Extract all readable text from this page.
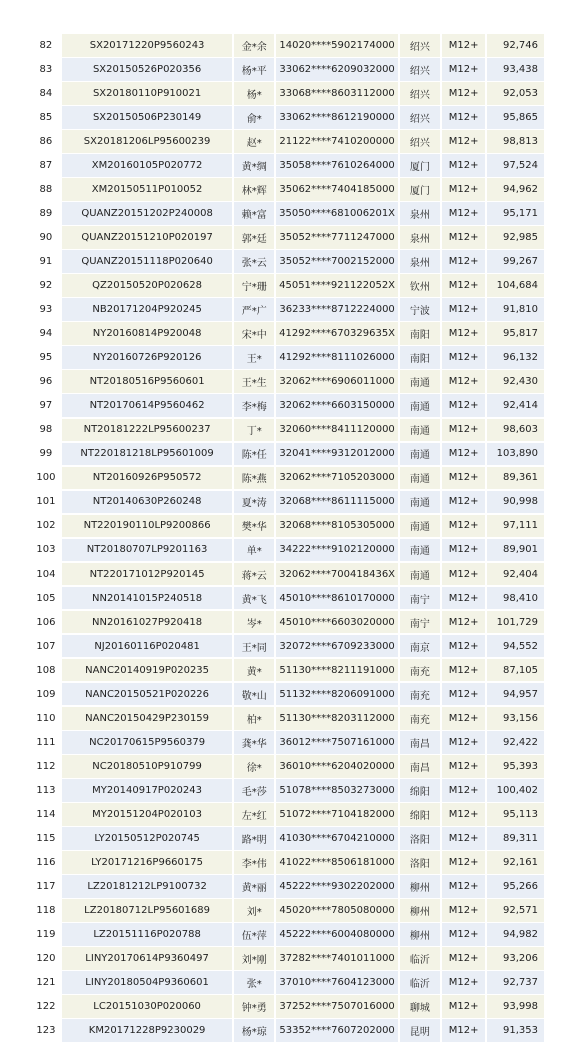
82	SX20171220P9560243	金*余	14020****5902174000	绍兴	M12+	92,746
83	SX20150526P020356	杨*平	33062****6209032000	绍兴	M12+	93,438
84	SX20180110P910021	杨*	33068****8603112000	绍兴	M12+	92,053
85	SX20150506P230149	俞*	33062****8612190000	绍兴	M12+	95,865
86	SX20181206LP95600239	赵*	21122****7410200000	绍兴	M12+	98,813
87	XM20160105P020772	黄*绸	35058****7610264000	厦门	M12+	97,524
88	XM20150511P010052	林*辉	35062****7404185000	厦门	M12+	94,962
89	QUANZ20151202P240008	赖*富	35050****681006201X	泉州	M12+	95,171
90	QUANZ20151210P020197	郭*廷	35052****7711247000	泉州	M12+	92,985
91	QUANZ20151118P020640	张*云	35052****7002152000	泉州	M12+	99,267
92	QZ20150520P020628	宁*珊	45051****921122052X	钦州	M12+	104,684
93	NB20171204P920245	严*广	36233****8712224000	宁波	M12+	91,810
94	NY20160814P920048	宋*中	41292****670329635X	南阳	M12+	95,817
95	NY20160726P920126	王*	41292****8111026000	南阳	M12+	96,132
96	NT20180516P9560601	王*生	32062****6906011000	南通	M12+	92,430
97	NT20170614P9560462	李*梅	32062****6603150000	南通	M12+	92,414
98	NT20181222LP95600237	丁*	32060****8411120000	南通	M12+	98,603
99	NT220181218LP95601009	陈*任	32041****9312012000	南通	M12+	103,890
100	NT20160926P950572	陈*燕	32062****7105203000	南通	M12+	89,361
101	NT20140630P260248	夏*涛	32068****8611115000	南通	M12+	90,998
102	NT220190110LP9200866	樊*华	32068****8105305000	南通	M12+	97,111
103	NT20180707LP9201163	单*	34222****9102120000	南通	M12+	89,901
104	NT220171012P920145	蒋*云	32062****700418436X	南通	M12+	92,404
105	NN20141015P240518	黄*飞	45010****8610170000	南宁	M12+	98,410
106	NN20161027P920418	岑*	45010****6603020000	南宁	M12+	101,729
107	NJ20160116P020481	王*同	32072****6709233000	南京	M12+	94,552
108	NANC20140919P020235	黄*	51130****8211191000	南充	M12+	87,105
109	NANC20150521P020226	敬*山	51132****8206091000	南充	M12+	94,957
110	NANC20150429P230159	柏*	51130****8203112000	南充	M12+	93,156
111	NC20170615P9560379	龚*华	36012****7507161000	南昌	M12+	92,422
112	NC20180510P910799	徐*	36010****6204020000	南昌	M12+	95,393
113	MY20140917P020243	毛*莎	51078****8503273000	绵阳	M12+	100,402
114	MY20151204P020103	左*红	51072****7104182000	绵阳	M12+	95,113
115	LY20150512P020745	路*明	41030****6704210000	洛阳	M12+	89,311
116	LY20171216P9660175	李*伟	41022****8506181000	洛阳	M12+	92,161
117	LZ20181212LP9100732	黄*丽	45222****9302202000	柳州	M12+	95,266
118	LZ20180712LP95601689	刘*	45020****7805080000	柳州	M12+	92,571
119	LZ20151116P020788	伍*萍	45222****6004080000	柳州	M12+	94,982
120	LINY20170614P9360497	刘*刚	37282****7401011000	临沂	M12+	93,206
121	LINY20180504P9360601	张*	37010****7604123000	临沂	M12+	92,737
122	LC20151030P020060	钟*勇	37252****7507016000	聊城	M12+	93,998
123	KM20171228P9230029	杨*琼	53352****7607202000	昆明	M12+	91,353
